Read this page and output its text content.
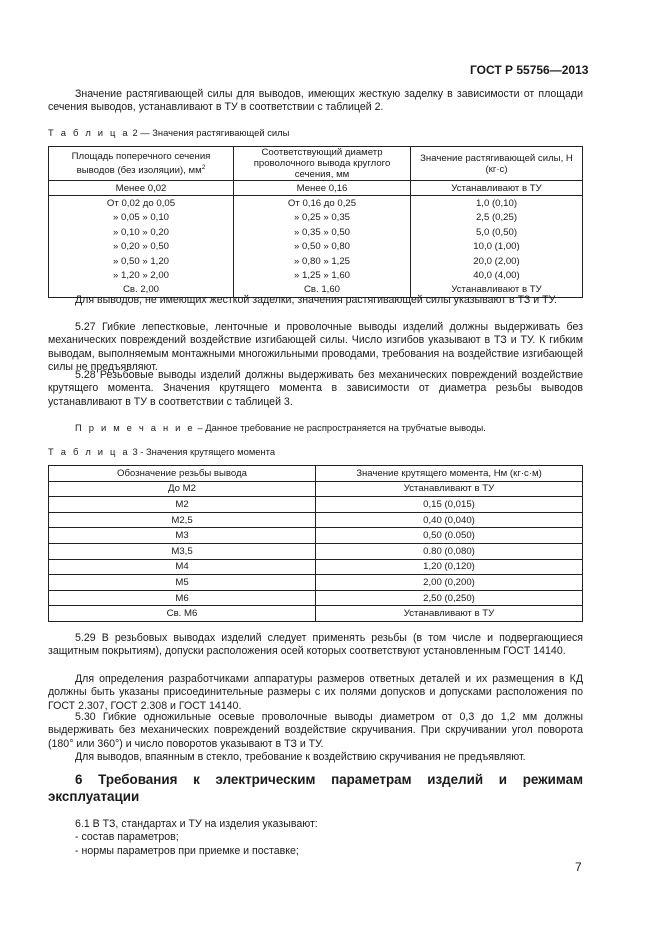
ГОСТ Р 55756—2013

Значение растягивающей силы для выводов, имеющих жесткую заделку в зависимости от площади сечения выводов, устанавливают в ТУ в соответствии с таблицей 2.

Т а б л и ц а 2 — Значения растягивающей силы
Площадь поперечного сечения выводов (без изоляции), $мм^2$	Соответствующий диаметр проволочного вывода круглого сечения, мм	Значение растягивающей силы, Н (кг·с)
Менее 0,02	Менее 0,16	Устанавливают в ТУ
От 0,02 до 0,05	От 0,16 до 0,25	1,0 (0,10)
» 0,05 » 0,10	» 0,25 » 0,35	2,5 (0,25)
» 0,10 » 0,20	» 0,35 » 0,50	5,0 (0,50)
» 0,20 » 0,50	» 0,50 » 0,80	10,0 (1,00)
» 0,50 » 1,20	» 0,80 » 1,25	20,0 (2,00)
» 1,20 » 2,00	» 1,25 » 1,60	40,0 (4,00)
Св. 2,00	Св. 1,60	Устанавливают в ТУ

Для выводов, не имеющих жесткой заделки, значения растягивающей силы указывают в ТЗ и ТУ.

5.27 Гибкие лепестковые, ленточные и проволочные выводы изделий должны выдерживать без механических повреждений воздействие изгибающей силы. Число изгибов указывают в ТЗ и ТУ. К гибким выводам, выполняемым монтажными многожильными проводами, требования на воздействие изгибающей силы не предъявляют.

5.28 Резьбовые выводы изделий должны выдерживать без механических повреждений воздействие крутящего момента. Значения крутящего момента в зависимости от диаметра резьбы выводов устанавливают в ТУ в соответствии с таблицей 3.

П р и м е ч а н и е – Данное требование не распространяется на трубчатые выводы.
Т а б л и ц а 3 - Значения крутящего момента
Обозначение резьбы вывода	Значение крутящего момента, Нм (кг·с·м)
До М2	Устанавливают в ТУ
М2	0,15 (0,015)
М2,5	0,40 (0,040)
М3	0,50 (0.050)
М3,5	0.80 (0,080)
М4	1,20 (0,120)
М5	2,00 (0,200)
М6	2,50 (0,250)
Св. М6	Устанавливают в ТУ

5.29 В резьбовых выводах изделий следует применять резьбы (в том числе и подвергающиеся защитным покрытиям), допуски расположения осей которых соответствуют установленным ГОСТ 14140.

Для определения разработчиками аппаратуры размеров ответных деталей и их размещения в КД должны быть указаны присоединительные размеры с их полями допусков и допусками расположения по ГОСТ 2.307, ГОСТ 2.308 и ГОСТ 14140.

5.30 Гибкие одножильные осевые проволочные выводы диаметром от 0,3 до 1,2 мм должны выдерживать без механических повреждений воздействие скручивания. При скручивании угол поворота (180° или 360°) и число поворотов указывают в ТЗ и ТУ.

Для выводов, впаянным в стекло, требование к воздействию скручивания не предъявляют.

6 Требования к электрическим параметрам изделий и режимам эксплуатации
6.1 В ТЗ, стандартах и ТУ на изделия указывают:
- состав параметров;
- нормы параметров при приемке и поставке;
7
